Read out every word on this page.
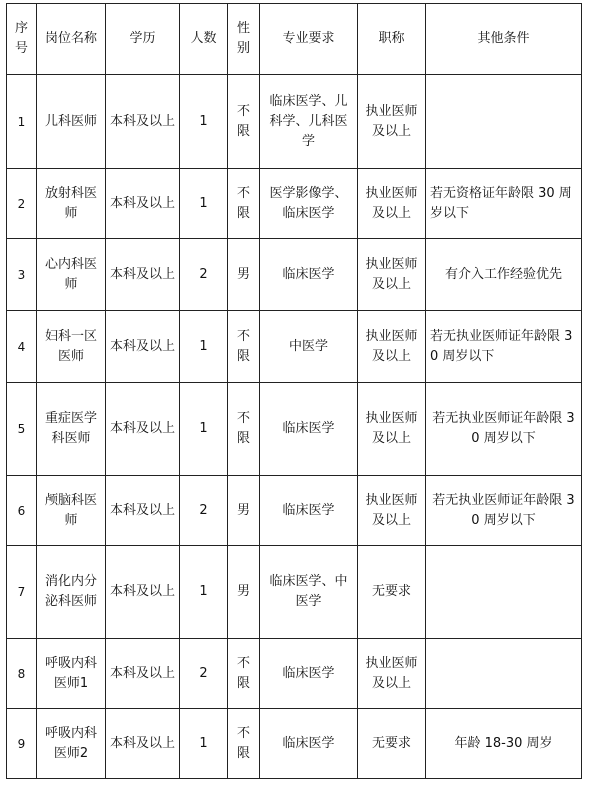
序号	岗位名称	学历	人数	性别	专业要求	职称	其他条件
1	儿科医师	本科及以上	1	不限	临床医学、儿科学、儿科医学	执业医师及以上	
2	放射科医师	本科及以上	1	不限	医学影像学、临床医学	执业医师及以上	若无资格证年龄限 30 周岁以下
3	心内科医师	本科及以上	2	男	临床医学	执业医师及以上	有介入工作经验优先
4	妇科一区医师	本科及以上	1	不限	中医学	执业医师及以上	若无执业医师证年龄限 30 周岁以下
5	重症医学科医师	本科及以上	1	不限	临床医学	执业医师及以上	若无执业医师证年龄限 30 周岁以下
6	颅脑科医师	本科及以上	2	男	临床医学	执业医师及以上	若无执业医师证年龄限 30 周岁以下
7	消化内分泌科医师	本科及以上	1	男	临床医学、中医学	无要求	
8	呼吸内科医师1	本科及以上	2	不限	临床医学	执业医师及以上	
9	呼吸内科医师2	本科及以上	1	不限	临床医学	无要求	年龄 18-30 周岁
